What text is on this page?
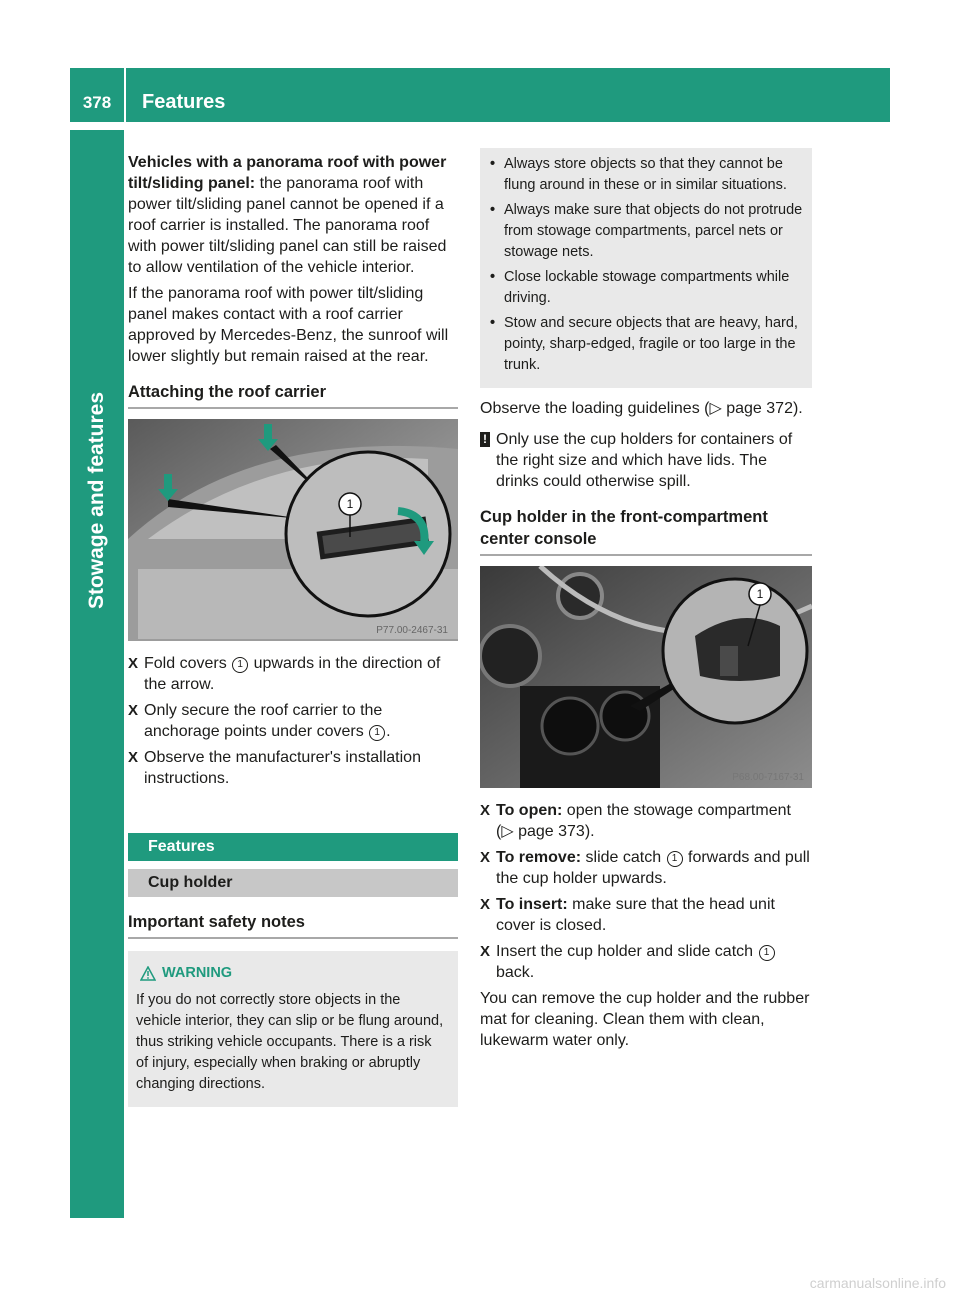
378	Features
Stowage and features

Vehicles with a panorama roof with power tilt/sliding panel: the panorama roof with power tilt/sliding panel cannot be opened if a roof carrier is installed. The panorama roof with power tilt/sliding panel can still be raised to allow ventilation of the vehicle interior.

If the panorama roof with power tilt/sliding panel makes contact with a roof carrier approved by Mercedes-Benz, the sunroof will lower slightly but remain raised at the rear.

Attaching the roof carrier
1
P77.00-2467-31
X Fold covers 1 upwards in the direction of the arrow.
X Only secure the roof carrier to the anchorage points under covers 1 .
X Observe the manufacturer's installation instructions.
Features
Cup holder
Important safety notes
WARNING
If you do not correctly store objects in the vehicle interior, they can slip or be flung around, thus striking vehicle occupants. There is a risk of injury, especially when braking or abruptly changing directions.
• Always store objects so that they cannot be flung around in these or in similar situations.
• Always make sure that objects do not protrude from stowage compartments, parcel nets or stowage nets.
• Close lockable stowage compartments while driving.
• Stow and secure objects that are heavy, hard, pointy, sharp-edged, fragile or too large in the trunk.

Observe the loading guidelines (▷ page 372).

! Only use the cup holders for containers of the right size and which have lids. The drinks could otherwise spill.
Cup holder in the front-compartment center console
1
P68.00-7167-31
X To open: open the stowage compartment (▷ page 373).
X To remove: slide catch 1 forwards and pull the cup holder upwards.
X To insert: make sure that the head unit cover is closed.
X Insert the cup holder and slide catch 1 back.

You can remove the cup holder and the rubber mat for cleaning. Clean them with clean, lukewarm water only.

carmanualsonline.info
